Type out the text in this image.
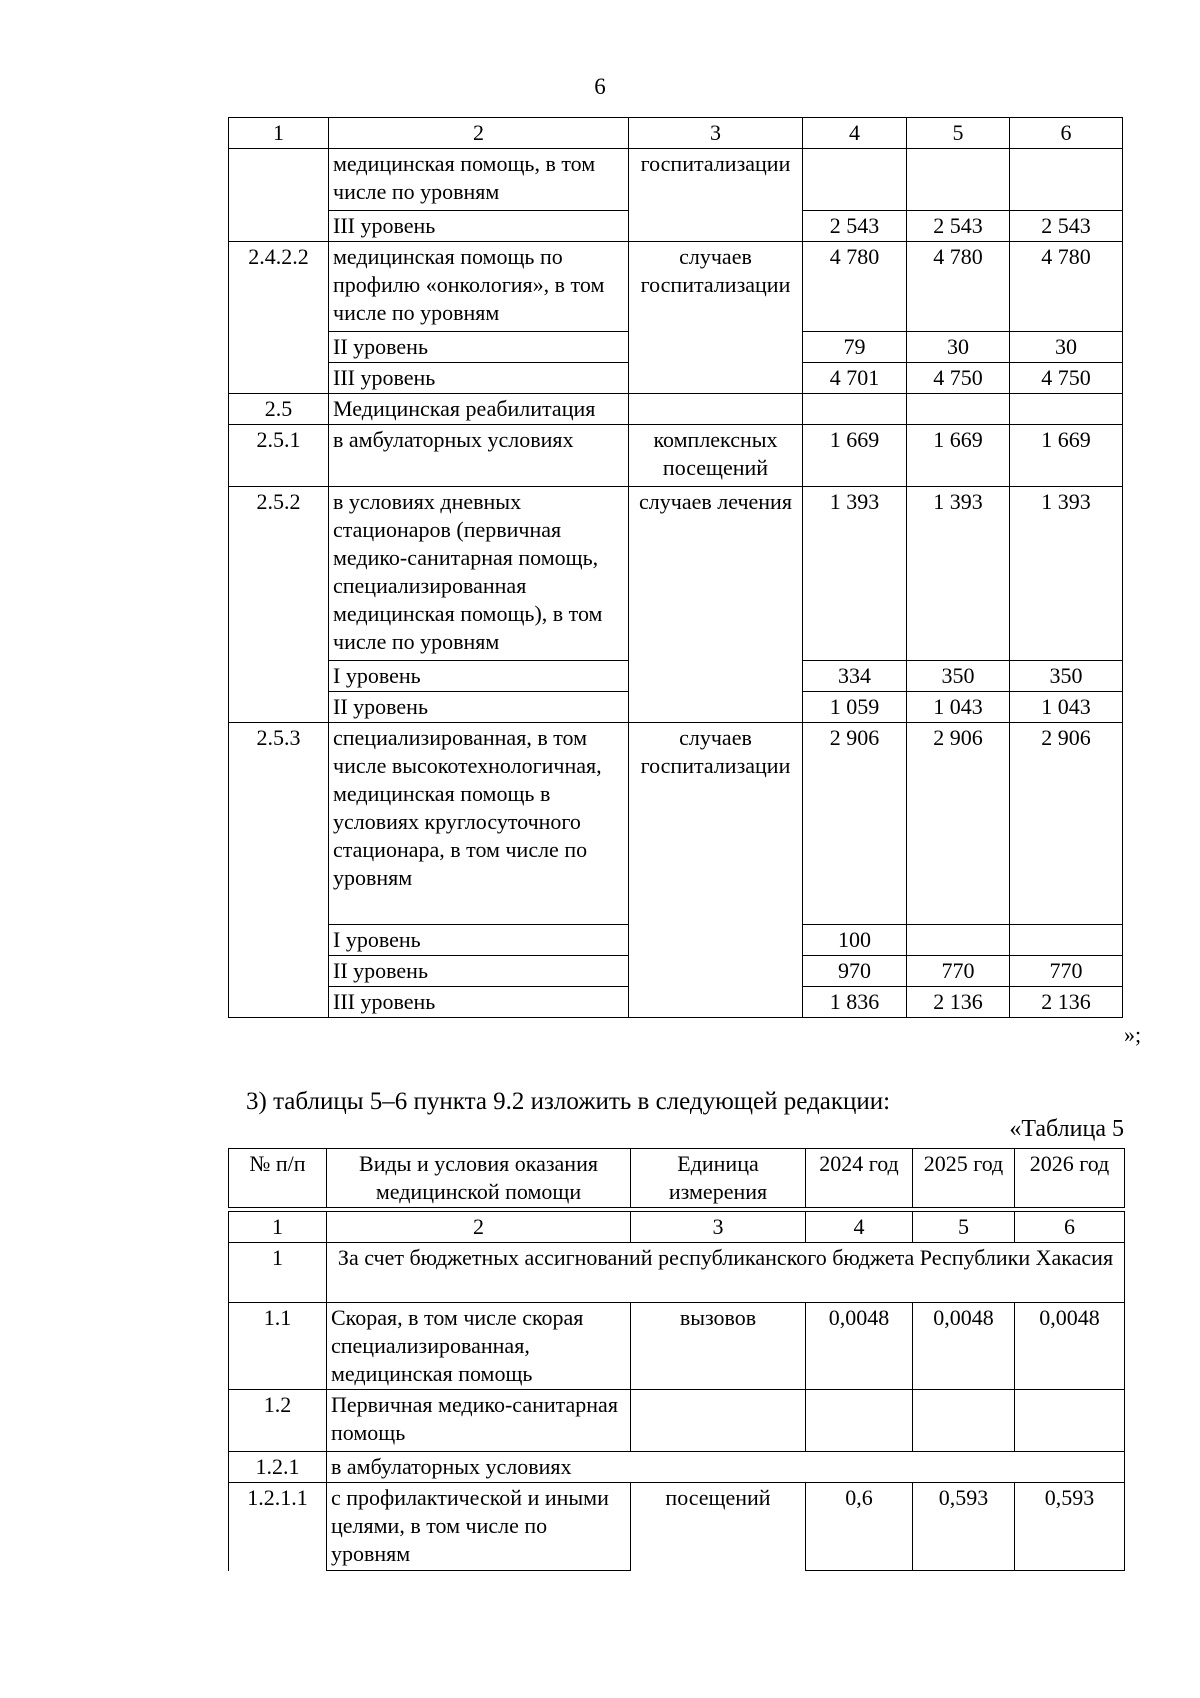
6
1	2	3	4	5	6
	медицинская помощь, в том числе по уровням	госпитализации			
	III уровень		2 543	2 543	2 543
2.4.2.2	медицинская помощь по профилю «онкология», в том числе по уровням	случаев госпитализации	4 780	4 780	4 780
	II уровень		79	30	30
	III уровень		4 701	4 750	4 750
2.5	Медицинская реабилитация				
2.5.1	в амбулаторных условиях	комплексных посещений	1 669	1 669	1 669
2.5.2	в условиях дневных стационаров (первичная медико-санитарная помощь, специализированная медицинская помощь), в том числе по уровням	случаев лечения	1 393	1 393	1 393
	I уровень		334	350	350
	II уровень		1 059	1 043	1 043
2.5.3	специализированная, в том числе высокотехнологичная, медицинская помощь в условиях круглосуточного стационара, в том числе по уровням	случаев госпитализации	2 906	2 906	2 906
	I уровень		100		
	II уровень		970	770	770
	III уровень		1 836	2 136	2 136
»;
3) таблицы 5–6 пункта 9.2 изложить в следующей редакции:
«Таблица 5
№ п/п	Виды и условия оказания медицинской помощи	Единица измерения	2024 год	2025 год	2026 год
1	2	3	4	5	6
1	За счет бюджетных ассигнований республиканского бюджета Республики Хакасия				
1.1	Скорая, в том числе скорая специализированная, медицинская помощь	вызовов	0,0048	0,0048	0,0048
1.2	Первичная медико-санитарная помощь				
1.2.1	в амбулаторных условиях				
1.2.1.1	с профилактической и иными целями, в том числе по уровням	посещений	0,6	0,593	0,593
